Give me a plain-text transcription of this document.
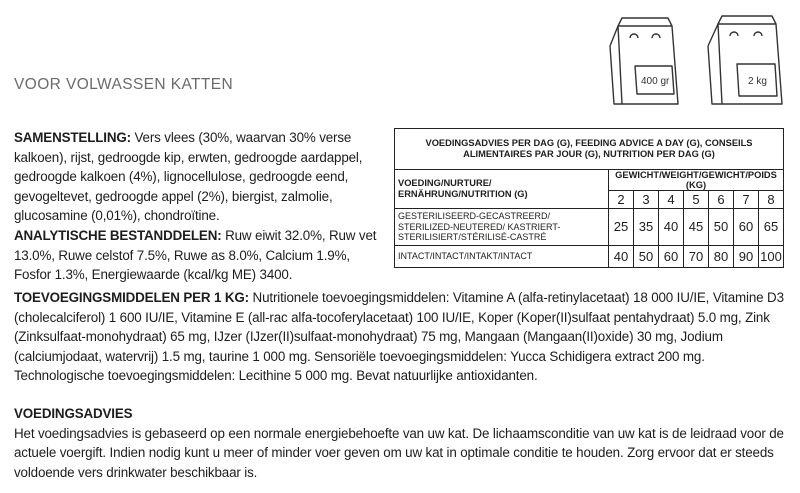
VOOR VOLWASSEN KATTEN	400 gr	2 kg
SAMENSTELLING: Vers vlees (30%, waarvan 30% verse kalkoen), rijst, gedroogde kip, erwten, gedroogde aardappel, gedroogde kalkoen (4%), lignocellulose, gedroogde eend, gevogeltevet, gedroogde appel (2%), biergist, zalmolie, glucosamine (0,01%), chondroïtine.
ANALYTISCHE BESTANDDELEN: Ruw eiwit 32.0%, Ruw vet 13.0%, Ruwe celstof 7.5%, Ruwe as 8.0%, Calcium 1.9%, Fosfor 1.3%, Energiewaarde (kcal/kg ME) 3400.
VOEDINGSADVIES PER DAG (G), FEEDING ADVICE A DAY (G), CONSEILS ALIMENTAIRES PAR JOUR (G), NUTRITION PER DAG (G)							
VOEDING/NURTURE/ ERNÄHRUNG/NUTRITION (G)	GEWICHT/WEIGHT/GEWICHT/POIDS (KG)						
	2	3	4	5	6	7	8
GESTERILISEERD-GECASTREERD/ STERILIZED-NEUTERED/ KASTRIERT-STERILISIERT/STÉRILISÉ-CASTRÉ	25	35	40	45	50	60	65
INTACT/INTACT/INTAKT/INTACT	40	50	60	70	80	90	100
TOEVOEGINGSMIDDELEN PER 1 KG: Nutritionele toevoegingsmiddelen: Vitamine A (alfa-retinylacetaat) 18 000 IU/IE, Vitamine D3 (cholecalciferol) 1 600 IU/IE, Vitamine E (all-rac alfa-tocoferylacetaat) 100 IU/IE, Koper (Koper(II)sulfaat pentahydraat) 5.0 mg, Zink (Zinksulfaat-monohydraat) 65 mg, IJzer (IJzer(II)sulfaat-monohydraat) 75 mg, Mangaan (Mangaan(II)oxide) 30 mg, Jodium (calciumjodaat, watervrij) 1.5 mg, taurine 1 000 mg. Sensoriële toevoegingsmiddelen: Yucca Schidigera extract 200 mg. Technologische toevoegingsmiddelen: Lecithine 5 000 mg. Bevat natuurlijke antioxidanten.
VOEDINGSADVIES
Het voedingsadvies is gebaseerd op een normale energiebehoefte van uw kat. De lichaamsconditie van uw kat is de leidraad voor de actuele voergift. Indien nodig kunt u meer of minder voer geven om uw kat in optimale conditie te houden. Zorg ervoor dat er steeds voldoende vers drinkwater beschikbaar is.
